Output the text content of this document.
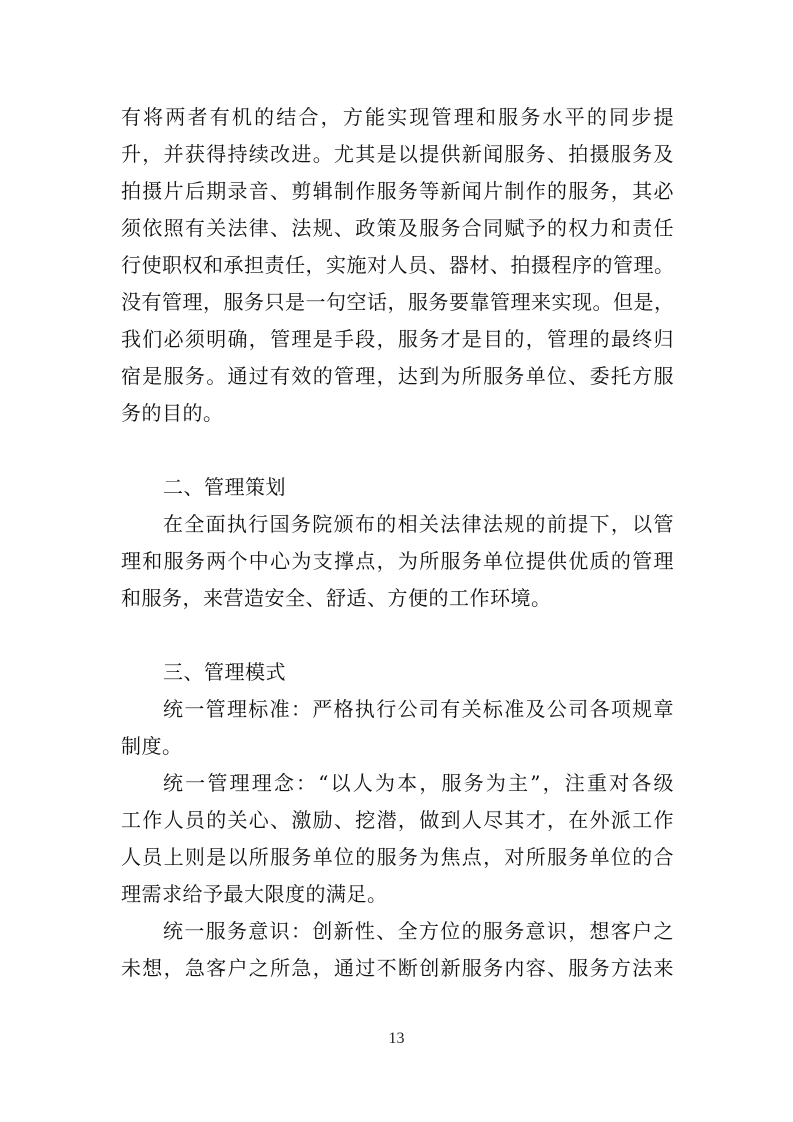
有将两者有机的结合，方能实现管理和服务水平的同步提
升，并获得持续改进。尤其是以提供新闻服务、拍摄服务及
拍摄片后期录音、剪辑制作服务等新闻片制作的服务，其必
须依照有关法律、法规、政策及服务合同赋予的权力和责任
行使职权和承担责任，实施对人员、器材、拍摄程序的管理。
没有管理，服务只是一句空话，服务要靠管理来实现。但是，
我们必须明确，管理是手段，服务才是目的，管理的最终归
宿是服务。通过有效的管理，达到为所服务单位、委托方服
务的目的。
二、管理策划
在全面执行国务院颁布的相关法律法规的前提下，以管
理和服务两个中心为支撑点，为所服务单位提供优质的管理
和服务，来营造安全、舒适、方便的工作环境。
三、管理模式
统一管理标准：严格执行公司有关标准及公司各项规章
制度。
统一管理理念：“以人为本，服务为主”，注重对各级
工作人员的关心、激励、挖潜，做到人尽其才，在外派工作
人员上则是以所服务单位的服务为焦点，对所服务单位的合
理需求给予最大限度的满足。
统一服务意识：创新性、全方位的服务意识，想客户之
未想，急客户之所急，通过不断创新服务内容、服务方法来
13
